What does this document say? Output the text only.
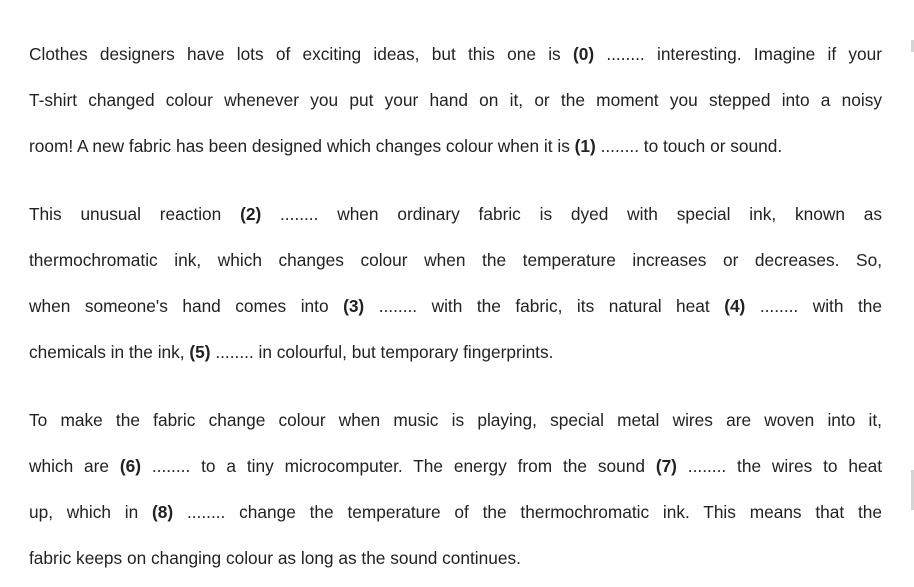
Clothes designers have lots of exciting ideas, but this one is (0) ........ interesting. Imagine if your
T-shirt changed colour whenever you put your hand on it, or the moment you stepped into a noisy
room! A new fabric has been designed which changes colour when it is (1) ........ to touch or sound.
This unusual reaction (2) ........ when ordinary fabric is dyed with special ink, known as
thermochromatic ink, which changes colour when the temperature increases or decreases. So,
when someone's hand comes into (3) ........ with the fabric, its natural heat (4) ........ with the
chemicals in the ink, (5) ........ in colourful, but temporary fingerprints.
To make the fabric change colour when music is playing, special metal wires are woven into it,
which are (6) ........ to a tiny microcomputer. The energy from the sound (7) ........ the wires to heat
up, which in (8) ........ change the temperature of the thermochromatic ink. This means that the
fabric keeps on changing colour as long as the sound continues.
